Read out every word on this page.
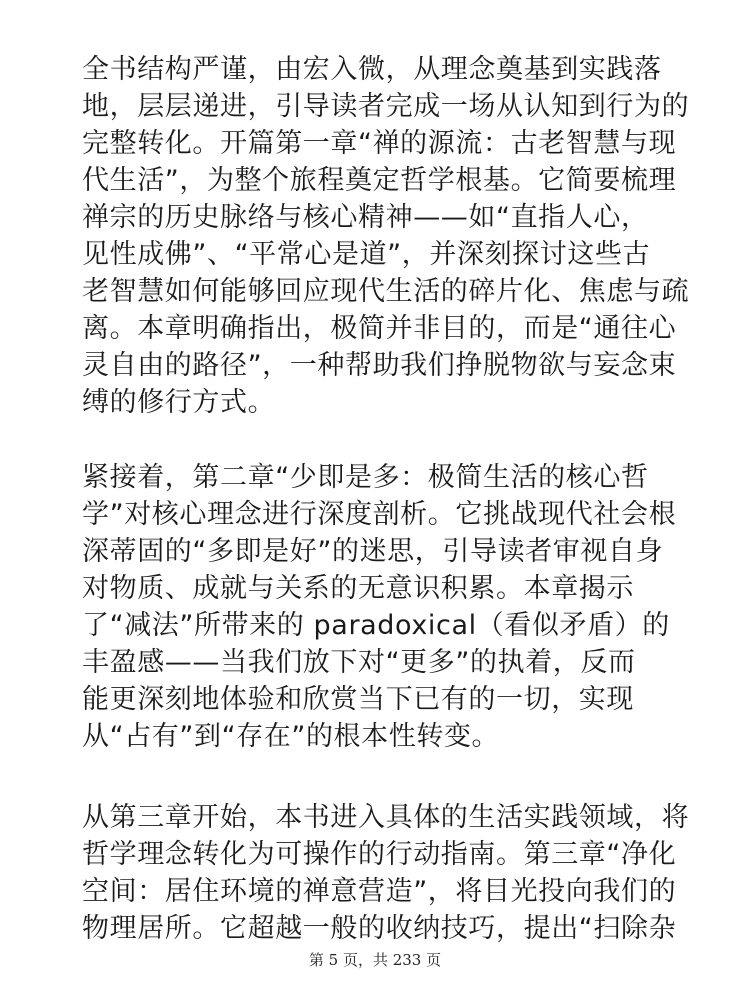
全书结构严谨，由宏入微，从理念奠基到实践落
地，层层递进，引导读者完成一场从认知到行为的
完整转化。开篇第一章“禅的源流：古老智慧与现
代生活”，为整个旅程奠定哲学根基。它简要梳理
禅宗的历史脉络与核心精神——如“直指人心，
见性成佛”、“平常心是道”，并深刻探讨这些古
老智慧如何能够回应现代生活的碎片化、焦虑与疏
离。本章明确指出，极简并非目的，而是“通往心
灵自由的路径”，一种帮助我们挣脱物欲与妄念束
缚的修行方式。
紧接着，第二章“少即是多：极简生活的核心哲
学”对核心理念进行深度剖析。它挑战现代社会根
深蒂固的“多即是好”的迷思，引导读者审视自身
对物质、成就与关系的无意识积累。本章揭示
了“减法”所带来的 paradoxical（看似矛盾）的
丰盈感——当我们放下对“更多”的执着，反而
能更深刻地体验和欣赏当下已有的一切，实现
从“占有”到“存在”的根本性转变。
从第三章开始，本书进入具体的生活实践领域，将
哲学理念转化为可操作的行动指南。第三章“净化
空间：居住环境的禅意营造”，将目光投向我们的
物理居所。它超越一般的收纳技巧，提出“扫除杂
第 5 页，共 233 页
